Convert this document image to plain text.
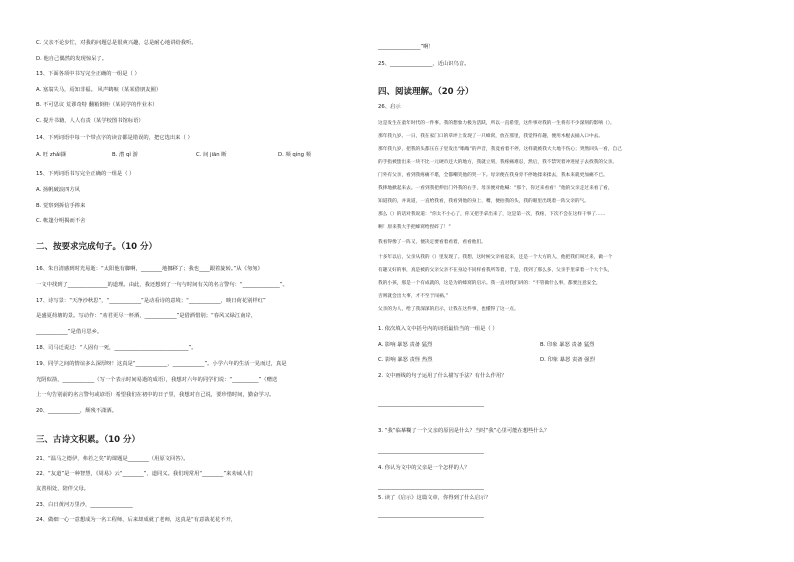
C. 父亲不论步忙，对我的问题总是很爽兴趣，总是耐心地讲给我听。
D. 他自己偶然的发现惊呆了。
13、下面各项中书写完全正确的一组是（ ）
A. 塞翁失马，焉知非福。 风声鹤唳（某某借朋友圈）
B. 不可思议 荒谬奇特 翻箱倒柜（某同学的作业本）
C. 提升书籍，人人有责（某学校图书馆标语）
14、下列词语中每一个带点字的读音都是错误的，把它选出来（ ）
A. 旺 zhǎi撷	B. 潜 qí 游	C. 间 jiān 断	D. 频 qíng 频
15、下列词语书写完全正确的一组是（ ）
A. 扬帆破浪四方风
B. 觉察到拆信手捧来
C. 帐篷分明揭而不舍
二、按要求完成句子。（10 分）
16、朱自清感到时光易逝：“太阳他有脚啊，________地挪移了；我也____跟着旋转。”从《匆匆》
一文中找到了_______________的道理。由此，我还想到了一句与时间有关的名言警句：“______________”。
17、诗写景：“天净沙秋思”，“____________”是动看诗的意境；“____________，映日荷花别样红”
是盛夏荷塘的景。写动作：“劝君更尽一杯酒，____________”是借酒惜别；“春风又绿江南岸，
____________”是借月思乡。
18、司马迁说过：“人固有一死，____________________________”。
19、同学之间的情谊多么深厚呀！这真是“____________，____________”。小学六年的生活一晃而过，真是
光阴似箭，____________（写一个表示时间易逝的成语），我想对六年的同学们说：“__________”（赠送
上一句告别前的名言警句或谚语）希望我们在初中的日子里，我想对自己说，要珍惜时间，勤奋学习。
20、____________，颓残不潇洒。
三、古诗文积累。（10 分）
21、“温马之德伊，弗若之矣”的课题是________（用原文回答）。
22、“友道”是一种智慧，《周易》云“________”，道同义。我们现常用“________”来劝诫人们
友善相处，陪伴父母。
23、白日黄河万里沙，________________
24、做细一心一意想成为一名工程师，后来却成就了老师，这真是“有意栽花花不开，
________________”啊！
25、________________，近山识鸟音。
四、阅读理解。（20 分）
26、启示
这是发生在童年时代的一件事。我的想象力极为活跃，所以一直希望，这件事对我的一生将有不少深刻的影响（）。
那年我九岁。一日，我在家门口的草坪上发现了一只蜂窝，放在那里，我觉得有趣，便用木棍去捅入口中去。
那年我九岁，把我的头都压在子里发出“嗡嗡”的声音，我竟看着不停，这样就被我大大地不伤心；突然回头一看，自己
的手指被蛰出来一块不比一元硬币还大的地方，我就立刻，我疼痛难忍，然后，我不禁哭着冲进屋子去找我的父亲。
门外有父亲，看到我疼痛不堪，全都嘲笑他的哭一下。母亲便在我身旁不停地揉来揉去，我本来就更加痛不已。
我摔地掀起来去。一看到我把伸出门外我的右手，母亲便对他喊：“那个，你过来看看！”他的父亲走过来看了看，
知道我的，并说道，一直给我看，我看到他的身上、嘴，便拍我的头，我的眼里出现着一阵父亲的气。
那么（）的话对我说道：“你太不小心了，你又把手拿出来了，这是第一次，我疼，下次不会在这样干事了……
啊！原来我大手把蜂窝给捏碎了！”
我看得像了一阵又，便决定要看着看着，看看他们。
十多年以后，父亲从我的（）里发现了。我想，这时候父亲看起来，还是一个大方的人，他把我们叫过来，做一个
有趣又好的事，真是被的父亲父亲不在身边不同样看我所等着，于是，我到了那么多，父亲手里拿着一个大个头，
我的小孩，那是一个有成就的，这是为的蜂窝的启示。我一直对我们讲的：“不管做什么事，都要注意安全，
否则就会出大事，才不至于闯祸。”
父亲的为人，给了我深深的启示，让我在这件事，也懂得了这一点。
1. 依次填入文中括号内的词语最恰当的一组是（ ）
A. 影响 暴怒 责备 猛烈	B. 印象 暴怒 责备 猛烈
C. 影响 暴怒 责怪 热烈	D. 印象 暴怒 责备 强烈
2. 文中画线的句子运用了什么描写手法？有什么作用？
________________________________________
3. “我”临摹糊了一个父亲的原因是什么？当时“我”心里可能在想些什么？
________________________________________
4. 你认为文中的父亲是一个怎样的人？
________________________________________
5. 读了《启示》这篇文章，你得到了什么启示？
________________________________________
